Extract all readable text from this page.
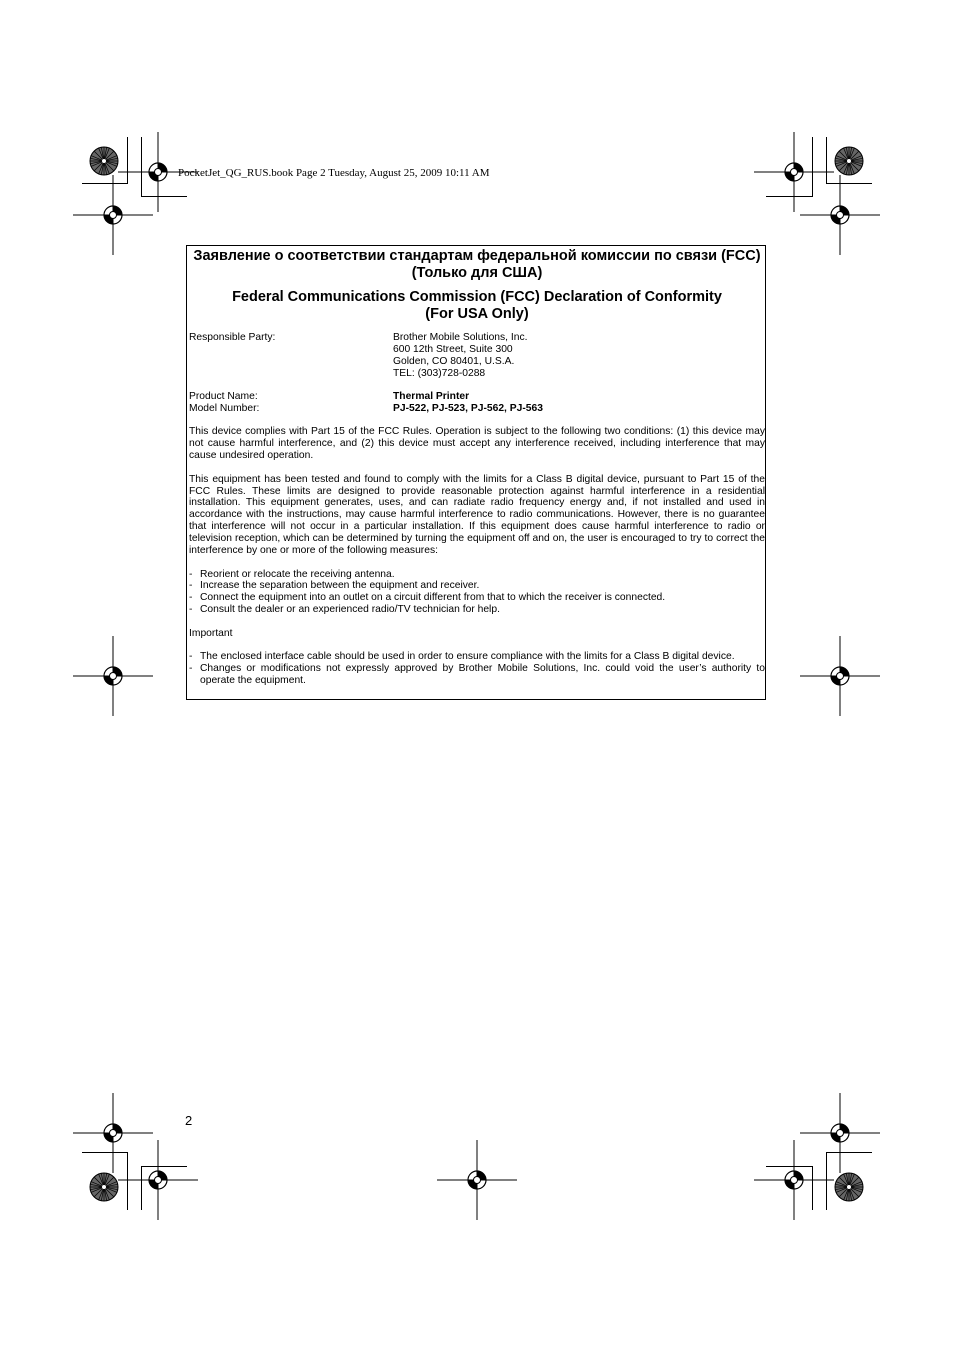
PocketJet_QG_RUS.book Page 2 Tuesday, August 25, 2009 10:11 AM
Заявление о соответствии стандартам федеральной комиссии по связи (FCC)
(Только для США)
Federal Communications Commission (FCC) Declaration of Conformity
(For USA Only)
Responsible Party:	Brother Mobile Solutions, Inc.
600 12th Street, Suite 300
Golden, CO 80401, U.S.A.
TEL: (303)728-0288
Product Name:	Thermal Printer
Model Number:	PJ-522, PJ-523, PJ-562, PJ-563

This device complies with Part 15 of the FCC Rules. Operation is subject to the following two conditions: (1) this device may not cause harmful interference, and (2) this device must accept any interference received, including interference that may cause undesired operation.

This equipment has been tested and found to comply with the limits for a Class B digital device, pursuant to Part 15 of the FCC Rules. These limits are designed to provide reasonable protection against harmful interference in a residential installation. This equipment generates, uses, and can radiate radio frequency energy and, if not installed and used in accordance with the instructions, may cause harmful interference to radio communications. However, there is no guarantee that interference will not occur in a particular installation. If this equipment does cause harmful interference to radio or television reception, which can be determined by turning the equipment off and on, the user is encouraged to try to correct the interference by one or more of the following measures:

- Reorient or relocate the receiving antenna.
- Increase the separation between the equipment and receiver.
- Connect the equipment into an outlet on a circuit different from that to which the receiver is connected.
- Consult the dealer or an experienced radio/TV technician for help.
Important
- The enclosed interface cable should be used in order to ensure compliance with the limits for a Class B digital device.
- Changes or modifications not expressly approved by Brother Mobile Solutions, Inc. could void the user’s authority to operate the equipment.
2
